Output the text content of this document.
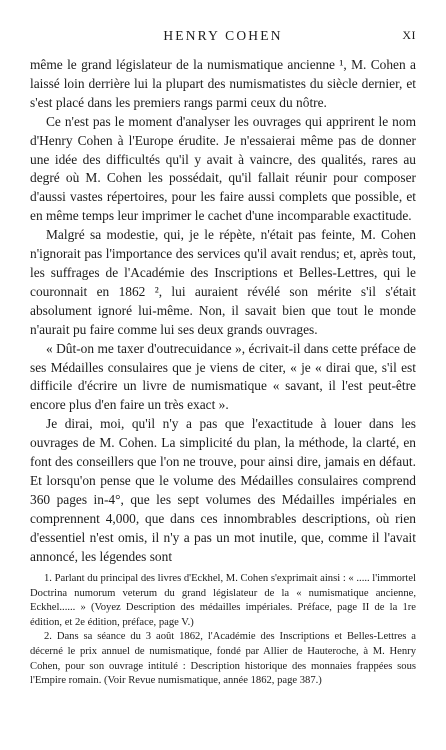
HENRY COHEN	XI

même le grand législateur de la numismatique ancienne ¹, M. Cohen a laissé loin derrière lui la plupart des numismatistes du siècle dernier, et s'est placé dans les premiers rangs parmi ceux du nôtre.

Ce n'est pas le moment d'analyser les ouvrages qui apprirent le nom d'Henry Cohen à l'Europe érudite. Je n'essaierai même pas de donner une idée des difficultés qu'il y avait à vaincre, des qualités, rares au degré où M. Cohen les possédait, qu'il fallait réunir pour composer d'aussi vastes répertoires, pour les faire aussi complets que possible, et en même temps leur imprimer le cachet d'une incomparable exactitude.

Malgré sa modestie, qui, je le répète, n'était pas feinte, M. Cohen n'ignorait pas l'importance des services qu'il avait rendus; et, après tout, les suffrages de l'Académie des Inscriptions et Belles-Lettres, qui le couronnait en 1862 ², lui auraient révélé son mérite s'il s'était absolument ignoré lui-même. Non, il savait bien que tout le monde n'aurait pu faire comme lui ses deux grands ouvrages.

« Dût-on me taxer d'outrecuidance », écrivait-il dans cette préface de ses Médailles consulaires que je viens de citer, « je « dirai que, s'il est difficile d'écrire un livre de numismatique « savant, il l'est peut-être encore plus d'en faire un très exact ».

Je dirai, moi, qu'il n'y a pas que l'exactitude à louer dans les ouvrages de M. Cohen. La simplicité du plan, la méthode, la clarté, en font des conseillers que l'on ne trouve, pour ainsi dire, jamais en défaut. Et lorsqu'on pense que le volume des Médailles consulaires comprend 360 pages in-4°, que les sept volumes des Médailles impériales en comprennent 4,000, que dans ces innombrables descriptions, où rien d'essentiel n'est omis, il n'y a pas un mot inutile, que, comme il l'avait annoncé, les légendes sont

1. Parlant du principal des livres d'Eckhel, M. Cohen s'exprimait ainsi : « ..... l'immortel Doctrina numorum veterum du grand législateur de la « numismatique ancienne, Eckhel...... » (Voyez Description des médailles impériales. Préface, page II de la 1re édition, et 2e édition, préface, page V.)

2. Dans sa séance du 3 août 1862, l'Académie des Inscriptions et Belles-Lettres a décerné le prix annuel de numismatique, fondé par Allier de Hauteroche, à M. Henry Cohen, pour son ouvrage intitulé : Description historique des monnaies frappées sous l'Empire romain. (Voir Revue numismatique, année 1862, page 387.)
